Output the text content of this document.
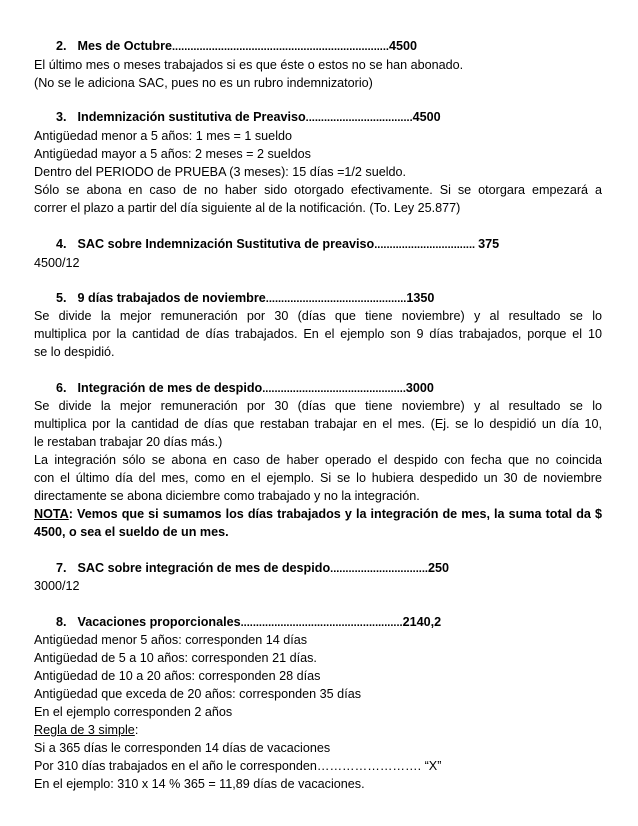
2. Mes de Octubre.......................................................................4500
El último mes o meses trabajados si es que éste o estos no se han abonado.
(No se le adiciona SAC, pues no es un rubro indemnizatorio)
3. Indemnización sustitutiva de Preaviso...................................4500
Antigüedad menor a 5 años: 1 mes = 1 sueldo
Antigüedad mayor a 5 años: 2 meses = 2 sueldos
Dentro del PERIODO de PRUEBA (3 meses): 15 días =1/2 sueldo.
Sólo se abona en caso de no haber sido otorgado efectivamente. Si se otorgara empezará a
correr el plazo a partir del día siguiente al de la notificación. (To. Ley 25.877)
4. SAC sobre Indemnización Sustitutiva de preaviso................................. 375
4500/12
5. 9 días trabajados de noviembre..............................................1350
Se divide la mejor remuneración por 30 (días que tiene noviembre) y al resultado se lo
multiplica por la cantidad de días trabajados. En el ejemplo son 9 días trabajados, porque el 10
se lo despidió.
6. Integración de mes de despido...............................................3000
Se divide la mejor remuneración por 30 (días que tiene noviembre) y al resultado se lo
multiplica por la cantidad de días que restaban trabajar en el mes. (Ej. se lo despidió un día 10,
le restaban trabajar 20 días más.)
La integración sólo se abona en caso de haber operado el despido con fecha que no coincida
con el último día del mes, como en el ejemplo. Si se lo hubiera despedido un 30 de noviembre
directamente se abona diciembre como trabajado y no la integración.
NOTA: Vemos que si sumamos los días trabajados y la integración de mes, la suma total da $
4500, o sea el sueldo de un mes.
7. SAC sobre integración de mes de despido................................250
3000/12
8. Vacaciones proporcionales.....................................................2140,2
Antigüedad menor 5 años: corresponden 14 días
Antigüedad de 5 a 10 años: corresponden 21 días.
Antigüedad de 10 a 20 años: corresponden 28 días
Antigüedad que exceda de 20 años: corresponden 35 días
En el ejemplo corresponden 2 años
Regla de 3 simple:
Si a 365 días le corresponden 14 días de vacaciones
Por 310 días trabajados en el año le corresponden……………………. “X”
En el ejemplo: 310 x 14 % 365 = 11,89 días de vacaciones.
